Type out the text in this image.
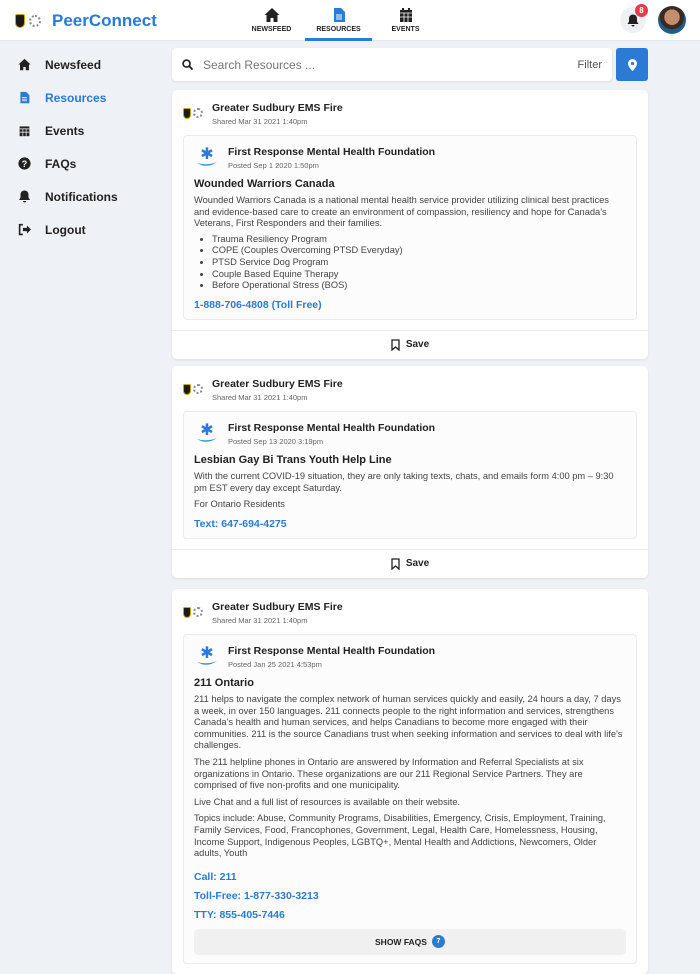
PeerConnect	NEWSFEED	RESOURCES	EVENTS
8
Newsfeed
Resources
Events
? FAQs
Notifications
Logout
Search Resources ...
Filter
Greater Sudbury EMS Fire
Shared Mar 31 2021 1:40pm
✱ First Response Mental Health Foundation
Posted Sep 1 2020 1:50pm
Wounded Warriors Canada
Wounded Warriors Canada is a national mental health service provider utilizing clinical best practices and evidence-based care to create an environment of compassion, resiliency and hope for Canada's Veterans, First Responders and their families.
• Trauma Resiliency Program
• COPE (Couples Overcoming PTSD Everyday)
• PTSD Service Dog Program
• Couple Based Equine Therapy
• Before Operational Stress (BOS)
1-888-706-4808 (Toll Free)
Save
Greater Sudbury EMS Fire
Shared Mar 31 2021 1:40pm
✱ First Response Mental Health Foundation
Posted Sep 13 2020 3:19pm
Lesbian Gay Bi Trans Youth Help Line
With the current COVID-19 situation, they are only taking texts, chats, and emails form 4:00 pm – 9:30 pm EST every day except Saturday.
For Ontario Residents
Text: 647-694-4275
Save
Greater Sudbury EMS Fire
Shared Mar 31 2021 1:40pm
✱ First Response Mental Health Foundation
Posted Jan 25 2021 4:53pm
211 Ontario
211 helps to navigate the complex network of human services quickly and easily, 24 hours a day, 7 days a week, in over 150 languages. 211 connects people to the right information and services, strengthens Canada's health and human services, and helps Canadians to become more engaged with their communities. 211 is the source Canadians trust when seeking information and services to deal with life's challenges.
The 211 helpline phones in Ontario are answered by Information and Referral Specialists at six organizations in Ontario. These organizations are our 211 Regional Service Partners. They are comprised of five non-profits and one municipality.
Live Chat and a full list of resources is available on their website.
Topics include: Abuse, Community Programs, Disabilities, Emergency, Crisis, Employment, Training, Family Services, Food, Francophones, Government, Legal, Health Care, Homelessness, Housing, Income Support, Indigenous Peoples, LGBTQ+, Mental Health and Addictions, Newcomers, Older adults, Youth
Call: 211
Toll-Free: 1-877-330-3213
TTY: 855-405-7446
SHOW FAQS	7
